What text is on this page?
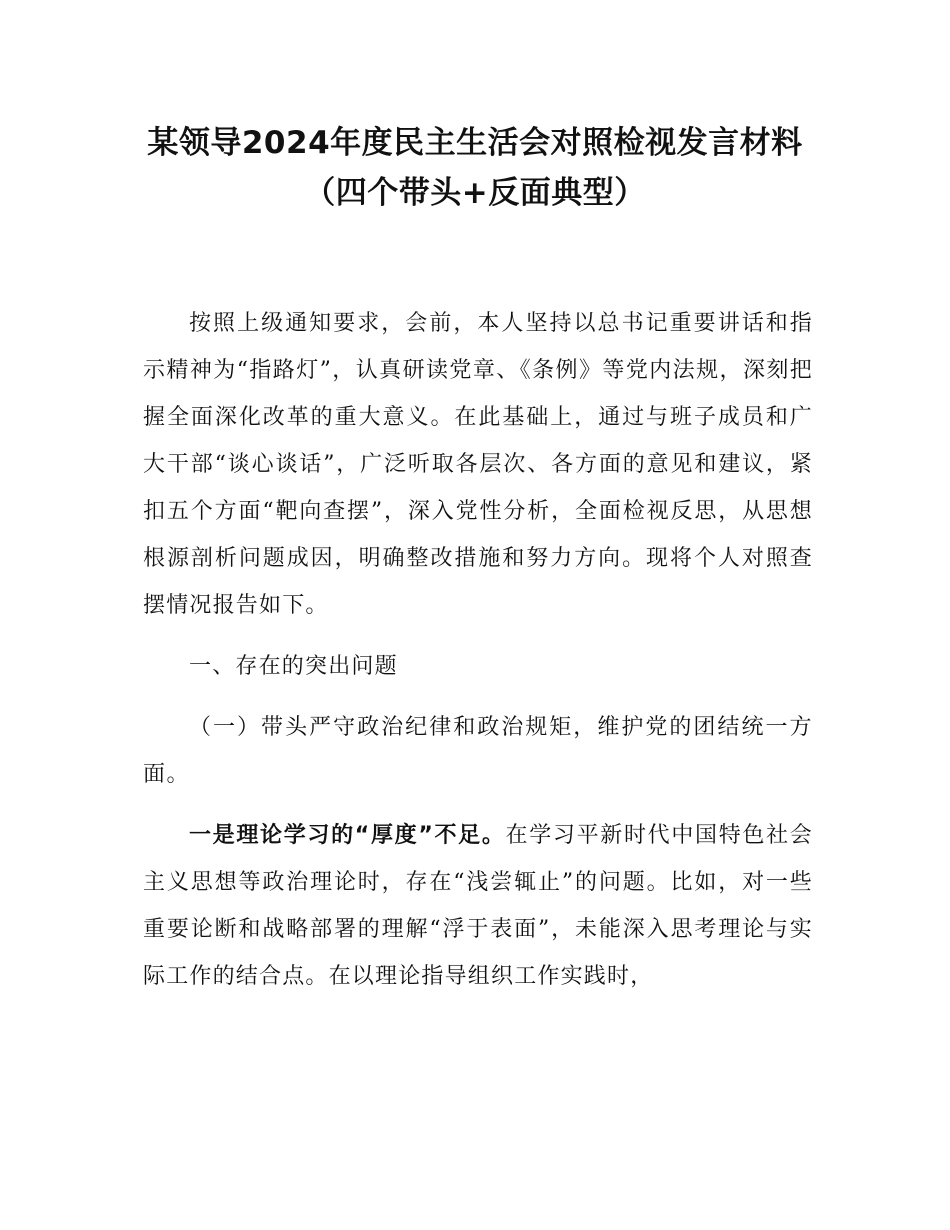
某领导2024年度民主生活会对照检视发言材料（四个带头+反面典型）

按照上级通知要求，会前，本人坚持以总书记重要讲话和指示精神为“指路灯”，认真研读党章、《条例》等党内法规，深刻把握全面深化改革的重大意义。在此基础上，通过与班子成员和广大干部“谈心谈话”，广泛听取各层次、各方面的意见和建议，紧扣五个方面“靶向查摆”，深入党性分析，全面检视反思，从思想根源剖析问题成因，明确整改措施和努力方向。现将个人对照查摆情况报告如下。

一、存在的突出问题

（一）带头严守政治纪律和政治规矩，维护党的团结统一方面。

一是理论学习的“厚度”不足。在学习平新时代中国特色社会主义思想等政治理论时，存在“浅尝辄止”的问题。比如，对一些重要论断和战略部署的理解“浮于表面”，未能深入思考理论与实际工作的结合点。在以理论指导组织工作实践时，
